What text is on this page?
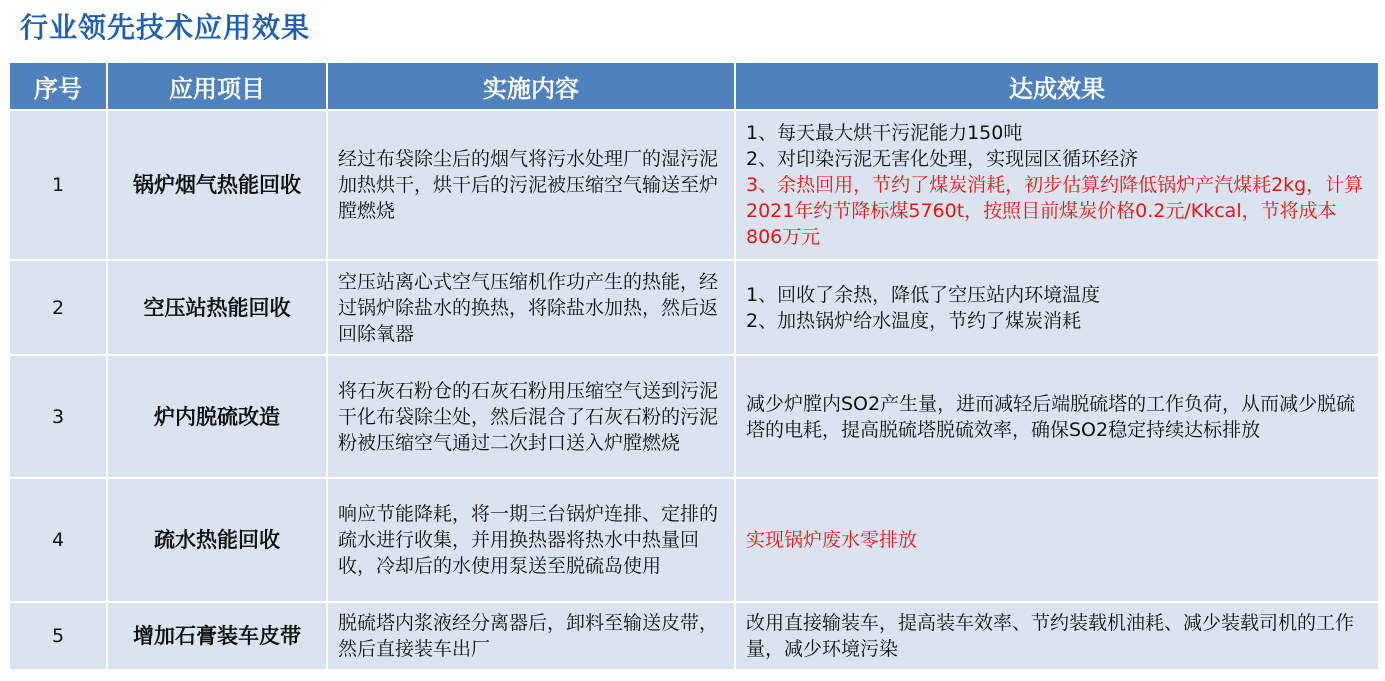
行业领先技术应用效果
序号	应用项目	实施内容	达成效果
1	锅炉烟气热能回收	经过布袋除尘后的烟气将污水处理厂的湿污泥加热烘干，烘干后的污泥被压缩空气输送至炉膛燃烧	1、每天最大烘干污泥能力150吨
2、对印染污泥无害化处理，实现园区循环经济
3、余热回用，节约了煤炭消耗，初步估算约降低锅炉产汽煤耗2kg，计算2021年约节降标煤5760t，按照目前煤炭价格0.2元/Kkcal，节将成本806万元

2	空压站热能回收	空压站离心式空气压缩机作功产生的热能，经过锅炉除盐水的换热，将除盐水加热，然后返回除氧器	1、回收了余热，降低了空压站内环境温度
2、加热锅炉给水温度，节约了煤炭消耗

3	炉内脱硫改造	将石灰石粉仓的石灰石粉用压缩空气送到污泥干化布袋除尘处，然后混合了石灰石粉的污泥粉被压缩空气通过二次封口送入炉膛燃烧	减少炉膛内SO2产生量，进而减轻后端脱硫塔的工作负荷，从而减少脱硫塔的电耗，提高脱硫塔脱硫效率，确保SO2稳定持续达标排放

4	疏水热能回收	响应节能降耗，将一期三台锅炉连排、定排的疏水进行收集，并用换热器将热水中热量回收，冷却后的水使用泵送至脱硫岛使用	实现锅炉废水零排放

5	增加石膏装车皮带	脱硫塔内浆液经分离器后，卸料至输送皮带，然后直接装车出厂	改用直接输装车，提高装车效率、节约装载机油耗、减少装载司机的工作量，减少环境污染
